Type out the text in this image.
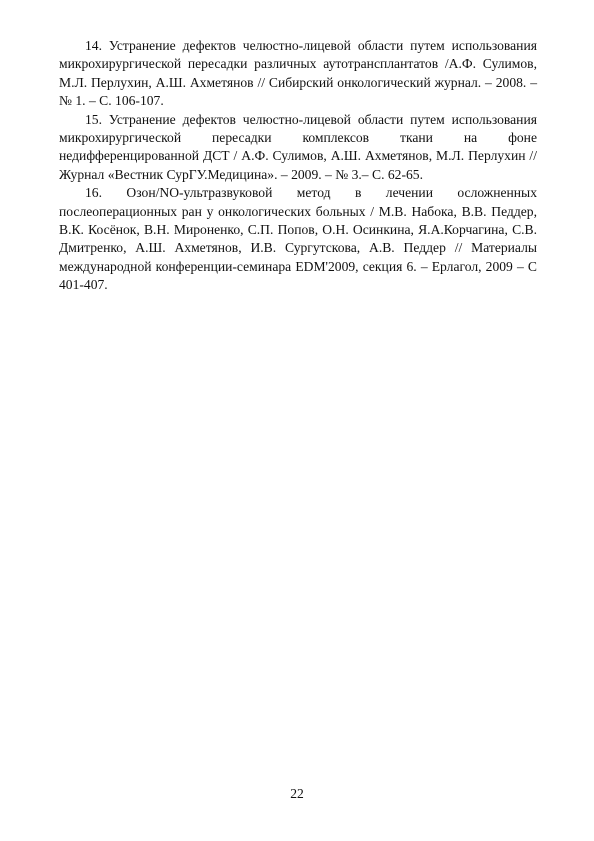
14. Устранение дефектов челюстно-лицевой области путем использования микрохирургической пересадки различных аутотрансплантатов /А.Ф. Сулимов, М.Л. Перлухин, А.Ш. Ахметянов // Сибирский онкологический журнал. – 2008. – № 1. – С. 106-107.

15. Устранение дефектов челюстно-лицевой области путем использования микрохирургической пересадки комплексов ткани на фоне недифференцированной ДСТ / А.Ф. Сулимов, А.Ш. Ахметянов, М.Л. Перлухин // Журнал «Вестник СурГУ.Медицина». – 2009. – № 3.– С. 62-65.

16. Озон/NO-ультразвуковой метод в лечении осложненных послеоперационных ран у онкологических больных / М.В. Набока, В.В. Педдер, В.К. Косёнок, В.Н. Мироненко, С.П. Попов, О.Н. Осинкина, Я.А.Корчагина, С.В. Дмитренко, А.Ш. Ахметянов, И.В. Сургутскова, А.В. Педдер // Материалы международной конференции-семинара EDM'2009, секция 6. – Ерлагол, 2009 – С 401-407.

22
